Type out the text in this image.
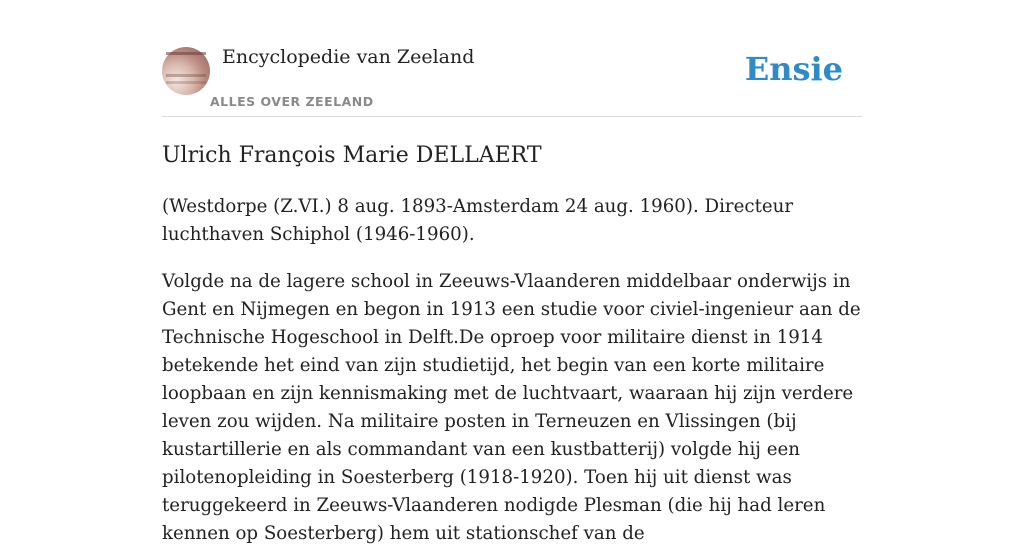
Encyclopedie van Zeeland
ALLES OVER ZEELAND
Ensie
Ulrich François Marie DELLAERT

(Westdorpe (Z.VI.) 8 aug. 1893-Amsterdam 24 aug. 1960). Directeur luchthaven Schiphol (1946-1960).

Volgde na de lagere school in Zeeuws-Vlaanderen middelbaar onderwijs in Gent en Nijmegen en begon in 1913 een studie voor civiel-ingenieur aan de Technische Hogeschool in Delft.De oproep voor militaire dienst in 1914 betekende het eind van zijn studietijd, het begin van een korte militaire loopbaan en zijn kennismaking met de luchtvaart, waaraan hij zijn verdere leven zou wijden. Na militaire posten in Terneuzen en Vlissingen (bij kustartillerie en als commandant van een kustbatterij) volgde hij een pilotenopleiding in Soesterberg (1918-1920). Toen hij uit dienst was teruggekeerd in Zeeuws-Vlaanderen nodigde Plesman (die hij had leren kennen op Soesterberg) hem uit stationschef van de
